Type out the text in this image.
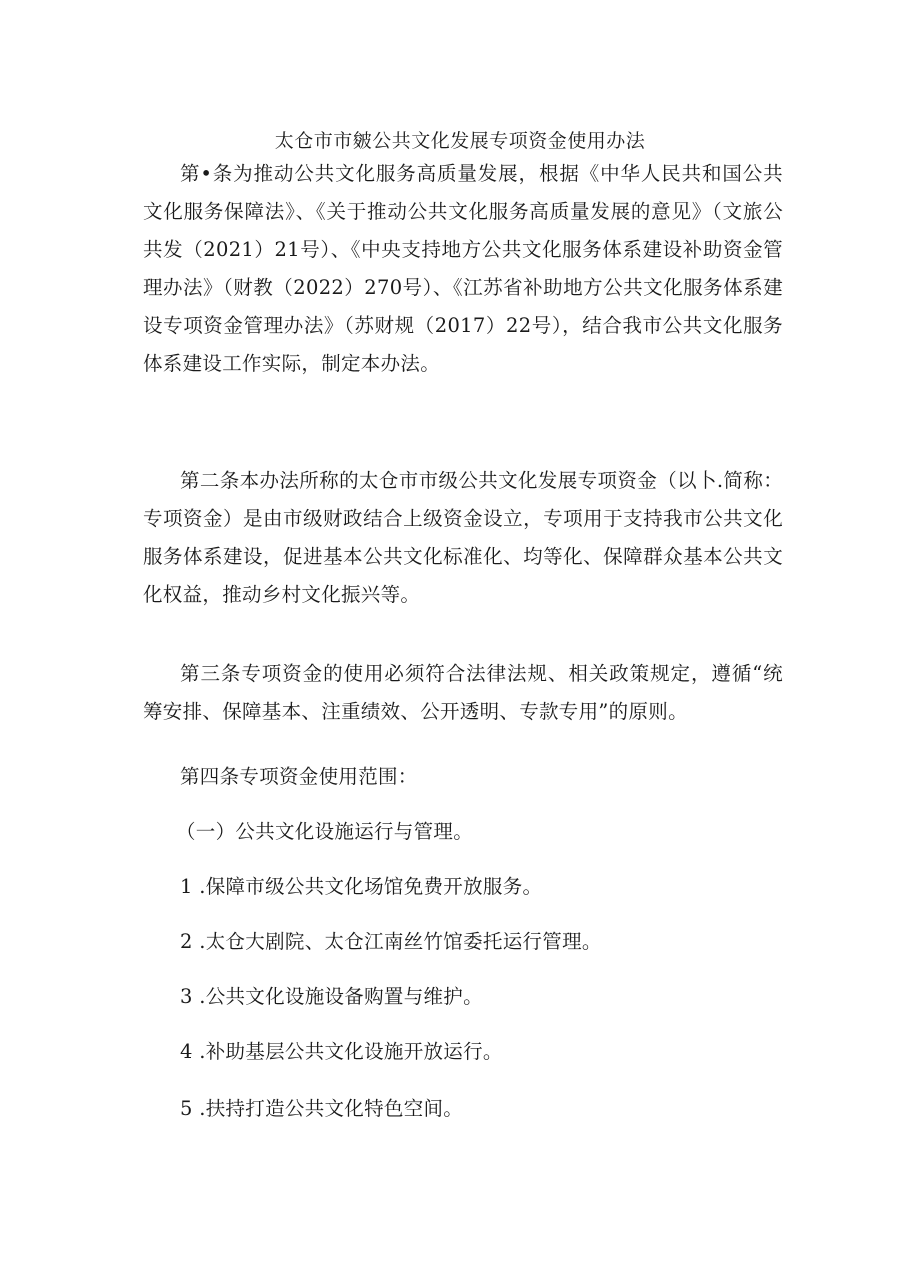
太仓市市皴公共文化发展专项资金使用办法

第•条为推动公共文化服务高质量发展，根据《中华人民共和国公共文化服务保障法》、《关于推动公共文化服务高质量发展的意见》（文旅公共发（2021）21号）、《中央支持地方公共文化服务体系建设补助资金管理办法》（财教（2022）270号）、《江苏省补助地方公共文化服务体系建设专项资金管理办法》（苏财规（2017）22号），结合我市公共文化服务体系建设工作实际，制定本办法。

第二条本办法所称的太仓市市级公共文化发展专项资金（以卜.简称：专项资金）是由市级财政结合上级资金设立，专项用于支持我市公共文化服务体系建设，促进基本公共文化标准化、均等化、保障群众基本公共文化权益，推动乡村文化振兴等。

第三条专项资金的使用必须符合法律法规、相关政策规定，遵循“统筹安排、保障基本、注重绩效、公开透明、专款专用”的原则。

第四条专项资金使用范围：
（一）公共文化设施运行与管理。
1 .保障市级公共文化场馆免费开放服务。
2 .太仓大剧院、太仓江南丝竹馆委托运行管理。
3 .公共文化设施设备购置与维护。
4 .补助基层公共文化设施开放运行。
5 .扶持打造公共文化特色空间。
